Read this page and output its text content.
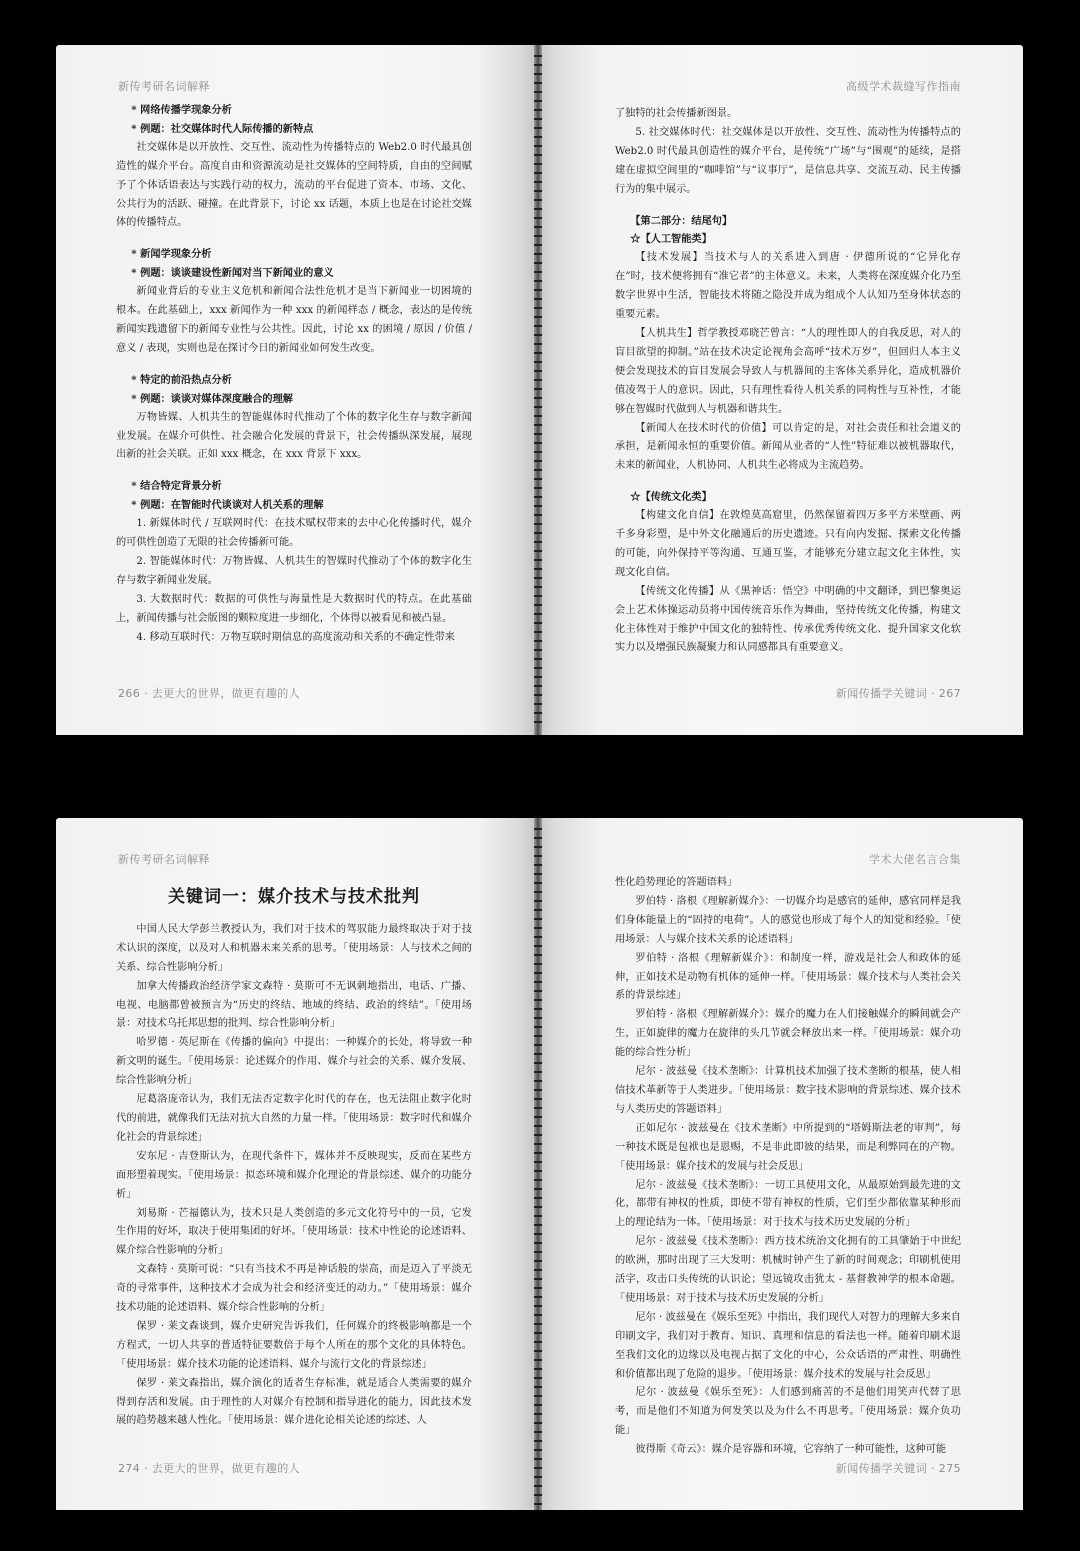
新传考研名词解释

* 网络传播学现象分析

* 例题：社交媒体时代人际传播的新特点

社交媒体是以开放性、交互性、流动性为传播特点的 Web2.0 时代最具创造性的媒介平台。高度自由和资源流动是社交媒体的空间特质，自由的空间赋予了个体话语表达与实践行动的权力，流动的平台促进了资本、市场、文化、公共行为的活跃、碰撞。在此背景下，讨论 xx 话题，本质上也是在讨论社交媒体的传播特点。

* 新闻学现象分析

* 例题：谈谈建设性新闻对当下新闻业的意义

新闻业背后的专业主义危机和新闻合法性危机才是当下新闻业一切困境的根本。在此基础上，xxx 新闻作为一种 xxx 的新闻样态 / 概念，表达的是传统新闻实践遗留下的新闻专业性与公共性。因此，讨论 xx 的困境 / 原因 / 价值 / 意义 / 表现，实则也是在探讨今日的新闻业如何发生改变。

* 特定的前沿热点分析

* 例题：谈谈对媒体深度融合的理解

万物皆媒、人机共生的智能媒体时代推动了个体的数字化生存与数字新闻业发展。在媒介可供性、社会融合化发展的背景下，社会传播纵深发展，展现出新的社会关联。正如 xxx 概念，在 xxx 背景下 xxx。

* 结合特定背景分析

* 例题：在智能时代谈谈对人机关系的理解

1. 新媒体时代 / 互联网时代：在技术赋权带来的去中心化传播时代，媒介的可供性创造了无限的社会传播新可能。

2. 智能媒体时代：万物皆媒、人机共生的智媒时代推动了个体的数字化生存与数字新闻业发展。

3. 大数据时代：数据的可供性与海量性是大数据时代的特点。在此基础上，新闻传播与社会版图的颗粒度进一步细化，个体得以被看见和被凸显。

4. 移动互联时代：万物互联时期信息的高度流动和关系的不确定性带来

266 · 去更大的世界，做更有趣的人
高级学术裁缝写作指南

了独特的社会传播新图景。

5. 社交媒体时代：社交媒体是以开放性、交互性、流动性为传播特点的 Web2.0 时代最具创造性的媒介平台，是传统“广场”与“围观”的延续，是搭建在虚拟空间里的“咖啡馆”与“议事厅”，是信息共享、交流互动、民主传播行为的集中展示。

【第二部分：结尾句】

☆【人工智能类】

【技术发展】当技术与人的关系进入到唐 · 伊德所说的“它异化存在”时，技术便将拥有“准它者”的主体意义。未来，人类将在深度媒介化乃至数字世界中生活，智能技术将随之隐没并成为组成个人认知乃至身体状态的重要元素。

【人机共生】哲学教授邓晓芒曾言：“人的理性即人的自我反思，对人的盲目欲望的抑制。”站在技术决定论视角会高呼“技术万岁”，但回归人本主义便会发现技术的盲目发展会导致人与机器间的主客体关系异化，造成机器价值凌驾于人的意识。因此，只有理性看待人机关系的同构性与互补性，才能够在智媒时代做到人与机器和谐共生。

【新闻人在技术时代的价值】可以肯定的是，对社会责任和社会道义的承担，是新闻永恒的重要价值。新闻从业者的“人性”特征难以被机器取代，未来的新闻业，人机协同、人机共生必将成为主流趋势。

☆【传统文化类】

【构建文化自信】在敦煌莫高窟里，仍然保留着四万多平方米壁画、两千多身彩塑，是中外文化融通后的历史遗迹。只有向内发掘、探索文化传播的可能，向外保持平等沟通、互通互鉴，才能够充分建立起文化主体性，实现文化自信。

【传统文化传播】从《黑神话：悟空》中明确的中文翻译，到巴黎奥运会上艺术体操运动员将中国传统音乐作为舞曲，坚持传统文化传播，构建文化主体性对于维护中国文化的独特性、传承优秀传统文化、提升国家文化软实力以及增强民族凝聚力和认同感都具有重要意义。

新闻传播学关键词 · 267
新传考研名词解释
关键词一：媒介技术与技术批判

中国人民大学彭兰教授认为，我们对于技术的驾驭能力最终取决于对于技术认识的深度，以及对人和机器未来关系的思考。「使用场景：人与技术之间的关系、综合性影响分析」

加拿大传播政治经济学家文森特 · 莫斯可不无讽刺地指出，电话、广播、电视、电脑都曾被预言为“历史的终结、地域的终结、政治的终结”。「使用场景：对技术乌托邦思想的批判、综合性影响分析」

哈罗德 · 英尼斯在《传播的偏向》中提出：一种媒介的长处，将导致一种新文明的诞生。「使用场景：论述媒介的作用、媒介与社会的关系、媒介发展、综合性影响分析」

尼葛洛庞帝认为，我们无法否定数字化时代的存在，也无法阻止数字化时代的前进，就像我们无法对抗大自然的力量一样。「使用场景：数字时代和媒介化社会的背景综述」

安东尼 · 吉登斯认为，在现代条件下，媒体并不反映现实，反而在某些方面形塑着现实。「使用场景：拟态环境和媒介化理论的背景综述、媒介的功能分析」

刘易斯 · 芒福德认为，技术只是人类创造的多元文化符号中的一员，它发生作用的好坏，取决于使用集团的好坏。「使用场景：技术中性论的论述语料、媒介综合性影响的分析」

文森特 · 莫斯可说：“只有当技术不再是神话般的崇高，而是迈入了平淡无奇的寻常事件，这种技术才会成为社会和经济变迁的动力。”「使用场景：媒介技术功能的论述语料、媒介综合性影响的分析」

保罗 · 莱文森谈到，媒介史研究告诉我们，任何媒介的终极影响都是一个方程式，一切人共享的普适特征要数倍于每个人所在的那个文化的具体特色。「使用场景：媒介技术功能的论述语料、媒介与流行文化的背景综述」

保罗 · 莱文森指出，媒介演化的适者生存标准，就是适合人类需要的媒介得到存活和发展。由于理性的人对媒介有控制和指导进化的能力，因此技术发展的趋势越来越人性化。「使用场景：媒介进化论相关论述的综述、人

274 · 去更大的世界，做更有趣的人
学术大佬名言合集

性化趋势理论的答题语料」

罗伯特 · 洛根《理解新媒介》：一切媒介均是感官的延伸，感官同样是我们身体能量上的“固持的电荷”。人的感觉也形成了每个人的知觉和经验。「使用场景：人与媒介技术关系的论述语料」

罗伯特 · 洛根《理解新媒介》：和制度一样，游戏是社会人和政体的延伸，正如技术是动物有机体的延伸一样。「使用场景：媒介技术与人类社会关系的背景综述」

罗伯特 · 洛根《理解新媒介》：媒介的魔力在人们接触媒介的瞬间就会产生，正如旋律的魔力在旋律的头几节就会释放出来一样。「使用场景：媒介功能的综合性分析」

尼尔 · 波兹曼《技术垄断》：计算机技术加强了技术垄断的根基，使人相信技术革新等于人类进步。「使用场景：数字技术影响的背景综述、媒介技术与人类历史的答题语料」

正如尼尔 · 波兹曼在《技术垄断》中所提到的“塔姆斯法老的审判”，每一种技术既是包袱也是恩赐，不是非此即彼的结果，而是利弊同在的产物。「使用场景：媒介技术的发展与社会反思」

尼尔 · 波兹曼《技术垄断》：一切工具使用文化，从最原始到最先进的文化，都带有神权的性质，即使不带有神权的性质，它们至少都依靠某种形而上的理论结为一体。「使用场景：对于技术与技术历史发展的分析」

尼尔 · 波兹曼《技术垄断》：西方技术统治文化拥有的工具肇始于中世纪的欧洲，那时出现了三大发明：机械时钟产生了新的时间观念；印刷机使用活字，攻击口头传统的认识论；望远镜攻击犹太 - 基督教神学的根本命题。「使用场景：对于技术与技术历史发展的分析」

尼尔 · 波兹曼在《娱乐至死》中指出，我们现代人对智力的理解大多来自印刷文字，我们对于教育、知识、真理和信息的看法也一样。随着印刷术退至我们文化的边缘以及电视占据了文化的中心，公众话语的严肃性、明确性和价值都出现了危险的退步。「使用场景：媒介技术的发展与社会反思」

尼尔 · 波兹曼《娱乐至死》：人们感到痛苦的不是他们用笑声代替了思考，而是他们不知道为何发笑以及为什么不再思考。「使用场景：媒介负功能」

彼得斯《奇云》：媒介是容器和环境，它容纳了一种可能性，这种可能

新闻传播学关键词 · 275
